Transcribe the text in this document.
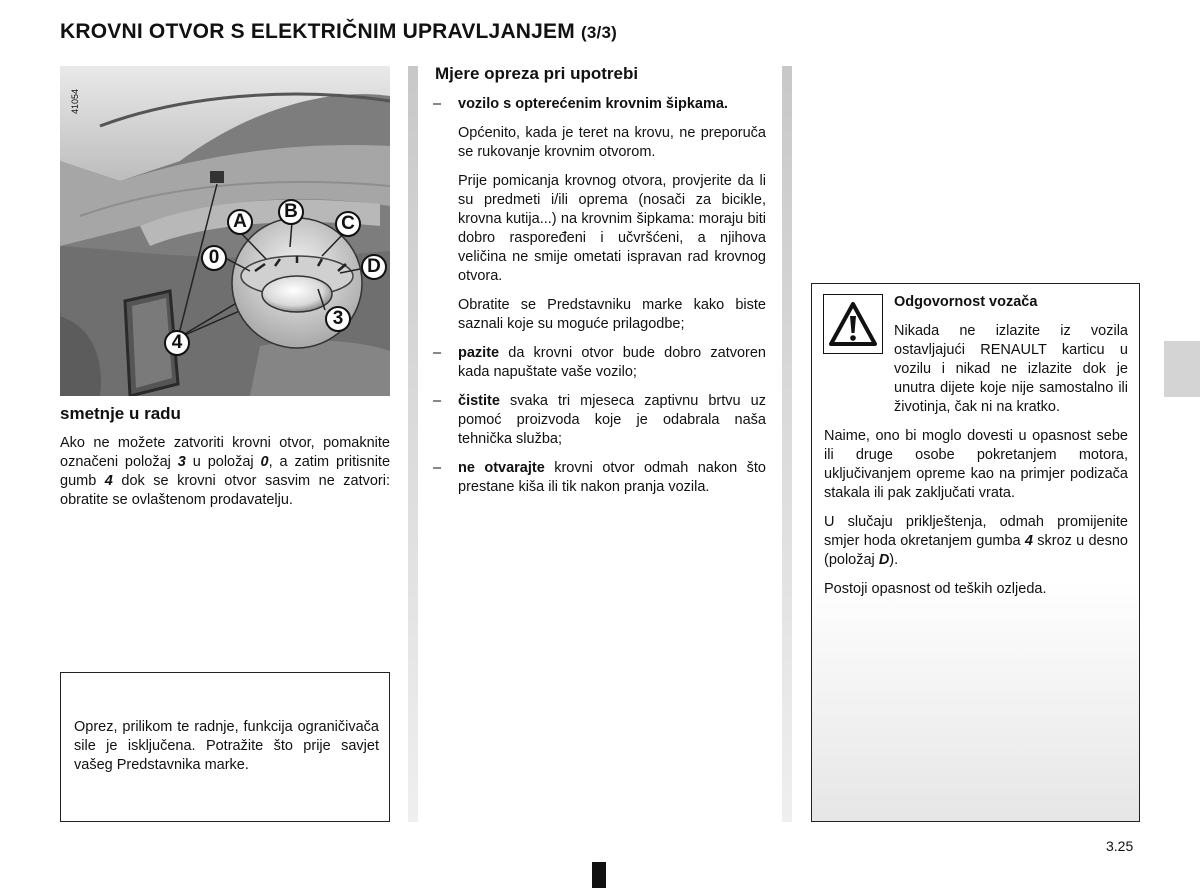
KROVNI OTVOR S ELEKTRIČNIM UPRAVLJANJEM (3/3)
41054
A	B
C
0	D
3
4
smetnje u radu
Ako ne možete zatvoriti krovni otvor, pomaknite označeni položaj 3 u položaj 0, a zatim pritisnite gumb 4 dok se krovni otvor sasvim ne zatvori: obratite se ovlaštenom prodavatelju.

Oprez, prilikom te radnje, funkcija ograničivača sile je isključena. Potražite što prije savjet vašeg Predstavnika marke.

Mjere opreza pri upotrebi
– vozilo s opterećenim krovnim šipkama.

Općenito, kada je teret na krovu, ne preporuča se rukovanje krovnim otvorom.

Prije pomicanja krovnog otvora, provjerite da li su predmeti i/ili oprema (nosači za bicikle, krovna kutija...) na krovnim šipkama: moraju biti dobro raspoređeni i učvršćeni, a njihova veličina ne smije ometati ispravan rad krovnog otvora.

Obratite se Predstavniku marke kako biste saznali koje su moguće prilagodbe;

– pazite da krovni otvor bude dobro zatvoren kada napuštate vaše vozilo;
– čistite svaka tri mjeseca zaptivnu brtvu uz pomoć proizvoda koje je odabrala naša tehnička služba;
– ne otvarajte krovni otvor odmah nakon što prestane kiša ili tik nakon pranja vozila.
Odgovornost vozača

Nikada ne izlazite iz vozila ostavljajući RENAULT karticu u vozilu i nikad ne izlazite dok je unutra dijete koje nije samostalno ili životinja, čak ni na kratko.

Naime, ono bi moglo dovesti u opasnost sebe ili druge osobe pokretanjem motora, uključivanjem opreme kao na primjer podizača stakala ili pak zaključati vrata.

U slučaju priklještenja, odmah promijenite smjer hoda okretanjem gumba 4 skroz u desno (položaj D).

Postoji opasnost od teških ozljeda.

3.25
